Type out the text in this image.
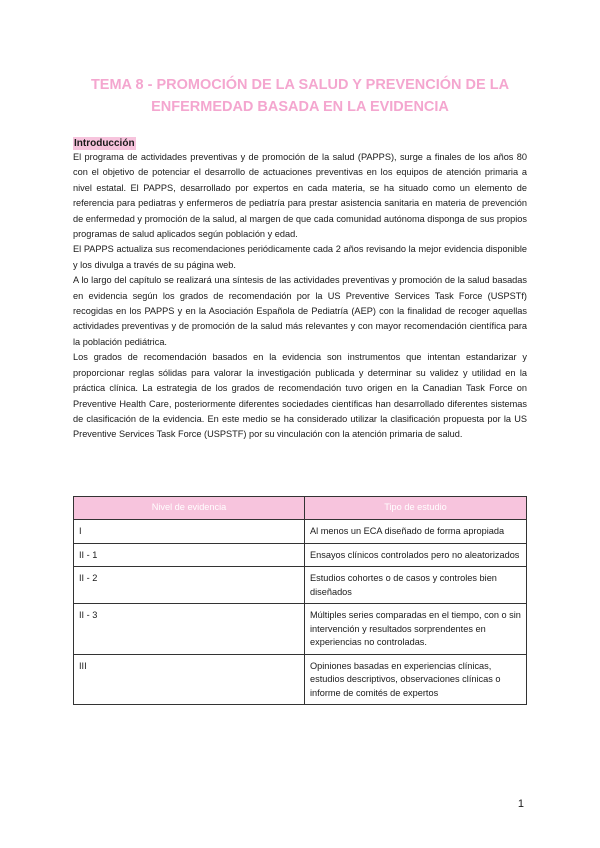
TEMA 8 - PROMOCIÓN DE LA SALUD Y PREVENCIÓN DE LA
ENFERMEDAD BASADA EN LA EVIDENCIA
Introducción

El programa de actividades preventivas y de promoción de la salud (PAPPS), surge a finales de los años 80 con el objetivo de potenciar el desarrollo de actuaciones preventivas en los equipos de atención primaria a nivel estatal. El PAPPS, desarrollado por expertos en cada materia, se ha situado como un elemento de referencia para pediatras y enfermeros de pediatría para prestar asistencia sanitaria en materia de prevención de enfermedad y promoción de la salud, al margen de que cada comunidad autónoma disponga de sus propios programas de salud aplicados según población y edad.

El PAPPS actualiza sus recomendaciones periódicamente cada 2 años revisando la mejor evidencia disponible y los divulga a través de su página web.

A lo largo del capítulo se realizará una síntesis de las actividades preventivas y promoción de la salud basadas en evidencia según los grados de recomendación por la US Preventive Services Task Force (USPSTf) recogidas en los PAPPS y en la Asociación Española de Pediatría (AEP) con la finalidad de recoger aquellas actividades preventivas y de promoción de la salud más relevantes y con mayor recomendación científica para la población pediátrica.

Los grados de recomendación basados en la evidencia son instrumentos que intentan estandarizar y proporcionar reglas sólidas para valorar la investigación publicada y determinar su validez y utilidad en la práctica clínica. La estrategia de los grados de recomendación tuvo origen en la Canadian Task Force on Preventive Health Care, posteriormente diferentes sociedades científicas han desarrollado diferentes sistemas de clasificación de la evidencia. En este medio se ha considerado utilizar la clasificación propuesta por la US Preventive Services Task Force (USPSTF) por su vinculación con la atención primaria de salud.

Nivel de evidencia	Tipo de estudio
I	Al menos un ECA diseñado de forma apropiada
II - 1	Ensayos clínicos controlados pero no aleatorizados
II - 2	Estudios cohortes o de casos y controles bien diseñados
II - 3	Múltiples series comparadas en el tiempo, con o sin intervención y resultados sorprendentes en experiencias no controladas.
III	Opiniones basadas en experiencias clínicas, estudios descriptivos, observaciones clínicas o informe de comités de expertos
1
